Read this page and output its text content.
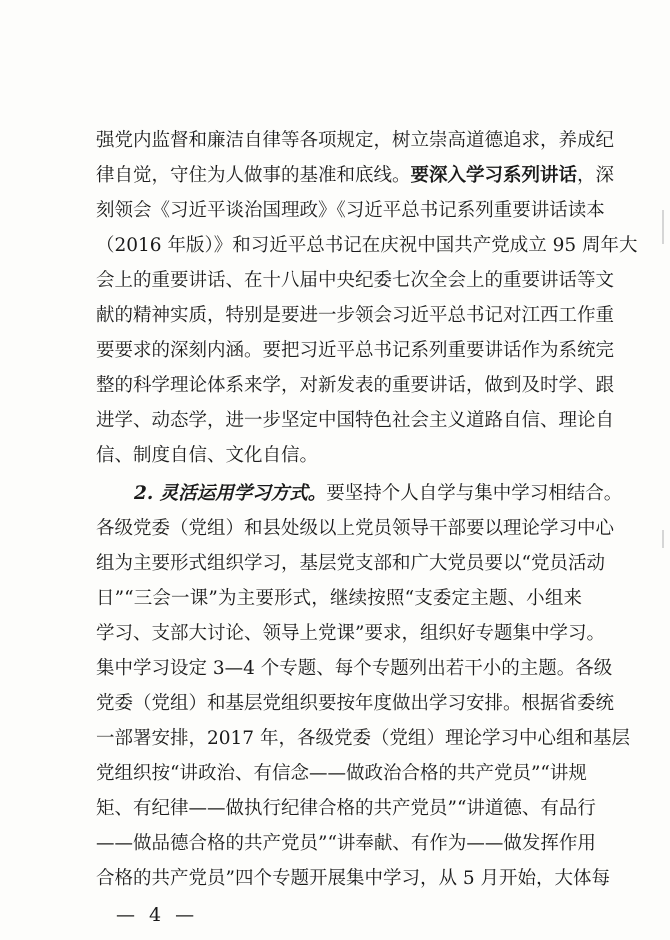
强党内监督和廉洁自律等各项规定，树立崇高道德追求，养成纪
律自觉，守住为人做事的基准和底线。要深入学习系列讲话，深
刻领会《习近平谈治国理政》《习近平总书记系列重要讲话读本
（2016 年版）》和习近平总书记在庆祝中国共产党成立 95 周年大
会上的重要讲话、在十八届中央纪委七次全会上的重要讲话等文
献的精神实质，特别是要进一步领会习近平总书记对江西工作重
要要求的深刻内涵。要把习近平总书记系列重要讲话作为系统完
整的科学理论体系来学，对新发表的重要讲话，做到及时学、跟
进学、动态学，进一步坚定中国特色社会主义道路自信、理论自
信、制度自信、文化自信。
2. 灵活运用学习方式。要坚持个人自学与集中学习相结合。
各级党委（党组）和县处级以上党员领导干部要以理论学习中心
组为主要形式组织学习，基层党支部和广大党员要以“党员活动
日”“三会一课”为主要形式，继续按照“支委定主题、小组来
学习、支部大讨论、领导上党课”要求，组织好专题集中学习。
集中学习设定 3—4 个专题、每个专题列出若干小的主题。各级
党委（党组）和基层党组织要按年度做出学习安排。根据省委统
一部署安排，2017 年，各级党委（党组）理论学习中心组和基层
党组织按“讲政治、有信念——做政治合格的共产党员”“讲规
矩、有纪律——做执行纪律合格的共产党员”“讲道德、有品行
——做品德合格的共产党员”“讲奉献、有作为——做发挥作用
合格的共产党员”四个专题开展集中学习，从 5 月开始，大体每
— 4 —
